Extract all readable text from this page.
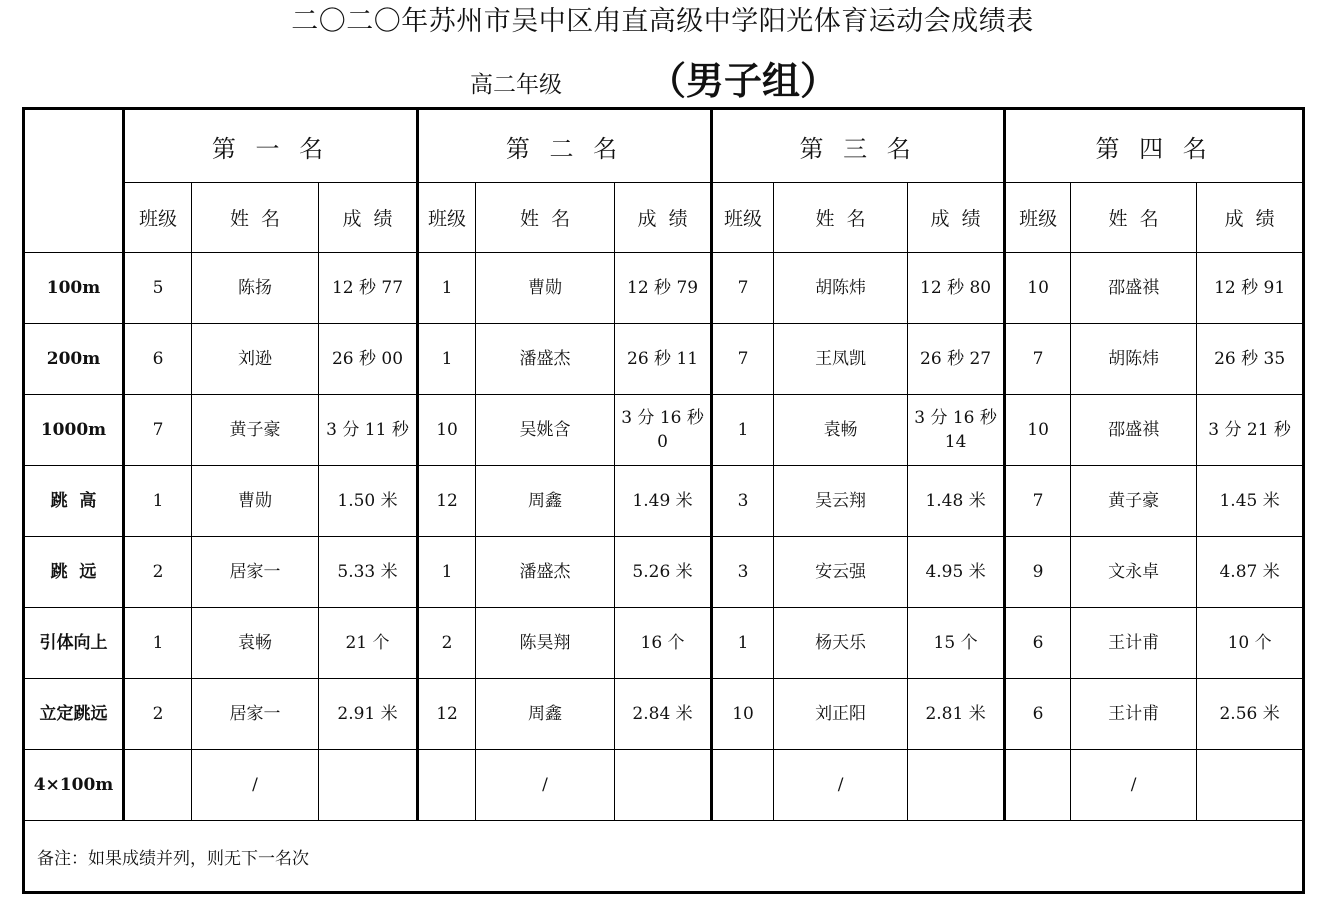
二〇二〇年苏州市吴中区甪直高级中学阳光体育运动会成绩表
高二年级 （男子组）
	第 一 名			第 二 名			第 三 名			第 四 名		
	班级	姓  名	成  绩	班级	姓  名	成  绩	班级	姓  名	成  绩	班级	姓  名	成  绩
100m	5	陈扬	12 秒 77	1	曹勋	12 秒 79	7	胡陈炜	12 秒 80	10	邵盛祺	12 秒 91
200m	6	刘逊	26 秒 00	1	潘盛杰	26 秒 11	7	王凤凯	26 秒 27	7	胡陈炜	26 秒 35
1000m	7	黄子豪	3 分 11 秒	10	吴姚含	3 分 16 秒 0	1	袁畅	3 分 16 秒 14	10	邵盛祺	3 分 21 秒
跳  高	1	曹勋	1.50 米	12	周鑫	1.49 米	3	吴云翔	1.48 米	7	黄子豪	1.45 米
跳  远	2	居家一	5.33 米	1	潘盛杰	5.26 米	3	安云强	4.95 米	9	文永卓	4.87 米
引体向上	1	袁畅	21 个	2	陈昊翔	16 个	1	杨天乐	15 个	6	王计甫	10 个
立定跳远	2	居家一	2.91 米	12	周鑫	2.84 米	10	刘正阳	2.81 米	6	王计甫	2.56 米
4×100m		/			/			/			/	
备注：如果成绩并列，则无下一名次												
